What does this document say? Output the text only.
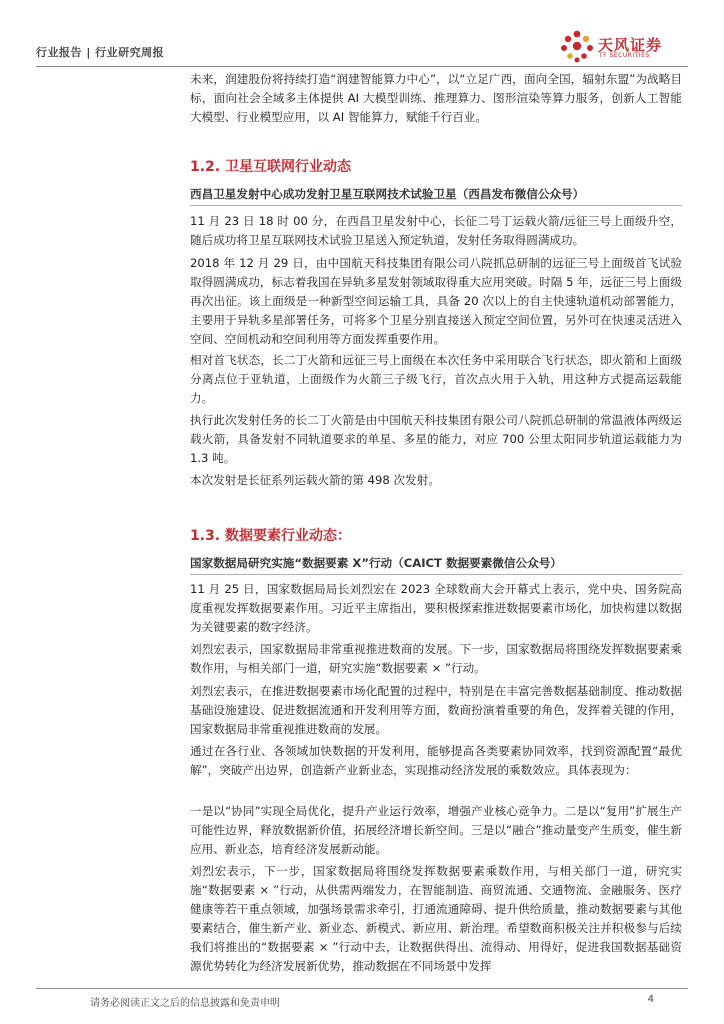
行业报告 | 行业研究周报	天风证券
TF SECURITIES

未来，润建股份将持续打造“润建智能算力中心”，以“立足广西，面向全国，辐射东盟”为战略目标，面向社会全域多主体提供 AI 大模型训练、推理算力、图形渲染等算力服务，创新人工智能大模型、行业模型应用，以 AI 智能算力，赋能千行百业。

1.2. 卫星互联网行业动态
西昌卫星发射中心成功发射卫星互联网技术试验卫星（西昌发布微信公众号）

11 月 23 日 18 时 00 分，在西昌卫星发射中心，长征二号丁运载火箭/远征三号上面级升空，随后成功将卫星互联网技术试验卫星送入预定轨道，发射任务取得圆满成功。

2018 年 12 月 29 日，由中国航天科技集团有限公司八院抓总研制的远征三号上面级首飞试验取得圆满成功，标志着我国在异轨多星发射领域取得重大应用突破。时隔 5 年，远征三号上面级再次出征。该上面级是一种新型空间运输工具，具备 20 次以上的自主快速轨道机动部署能力，主要用于异轨多星部署任务，可将多个卫星分别直接送入预定空间位置，另外可在快速灵活进入空间、空间机动和空间利用等方面发挥重要作用。

相对首飞状态，长二丁火箭和远征三号上面级在本次任务中采用联合飞行状态，即火箭和上面级分离点位于亚轨道，上面级作为火箭三子级飞行，首次点火用于入轨，用这种方式提高运载能力。

执行此次发射任务的长二丁火箭是由中国航天科技集团有限公司八院抓总研制的常温液体两级运载火箭，具备发射不同轨道要求的单星、多星的能力，对应 700 公里太阳同步轨道运载能力为 1.3 吨。

本次发射是长征系列运载火箭的第 498 次发射。

1.3. 数据要素行业动态：
国家数据局研究实施“数据要素 X”行动（CAICT 数据要素微信公众号）

11 月 25 日，国家数据局局长刘烈宏在 2023 全球数商大会开幕式上表示，党中央、国务院高度重视发挥数据要素作用。习近平主席指出，要积极探索推进数据要素市场化，加快构建以数据为关键要素的数字经济。

刘烈宏表示，国家数据局非常重视推进数商的发展。下一步，国家数据局将围绕发挥数据要素乘数作用，与相关部门一道，研究实施“数据要素 × ”行动。

刘烈宏表示，在推进数据要素市场化配置的过程中，特别是在丰富完善数据基础制度、推动数据基础设施建设、促进数据流通和开发利用等方面，数商扮演着重要的角色，发挥着关键的作用，国家数据局非常重视推进数商的发展。

通过在各行业、各领域加快数据的开发利用，能够提高各类要素协同效率，找到资源配置“最优解”，突破产出边界，创造新产业新业态，实现推动经济发展的乘数效应。具体表现为：

一是以“协同”实现全局优化，提升产业运行效率，增强产业核心竞争力。二是以“复用”扩展生产可能性边界，释放数据新价值，拓展经济增长新空间。三是以“融合”推动量变产生质变，催生新应用、新业态，培育经济发展新动能。

刘烈宏表示，下一步，国家数据局将围绕发挥数据要素乘数作用，与相关部门一道，研究实施“数据要素 × ”行动，从供需两端发力，在智能制造、商贸流通、交通物流、金融服务、医疗健康等若干重点领域，加强场景需求牵引，打通流通障碍、提升供给质量，推动数据要素与其他要素结合，催生新产业、新业态、新模式、新应用、新治理。希望数商积极关注并积极参与后续我们将推出的“数据要素 × ”行动中去，让数据供得出、流得动、用得好，促进我国数据基础资源优势转化为经济发展新优势，推动数据在不同场景中发挥

请务必阅读正文之后的信息披露和免责申明	4
